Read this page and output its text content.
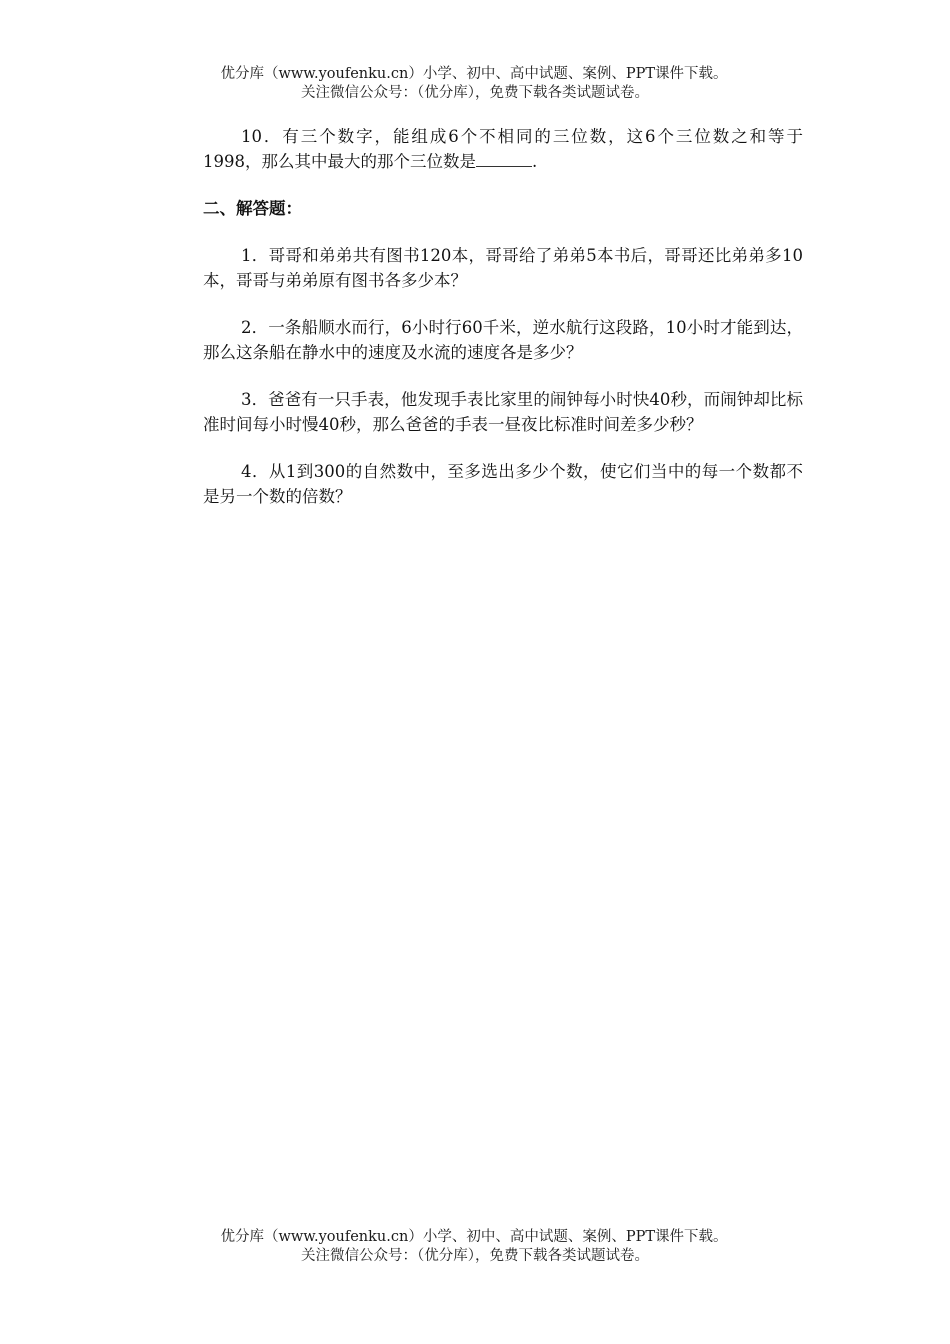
优分库（www.youfenku.cn）小学、初中、高中试题、案例、PPT课件下载。
关注微信公众号：（优分库），免费下载各类试题试卷。

10．有三个数字，能组成6个不相同的三位数，这6个三位数之和等于1998，那么其中最大的那个三位数是	.

二、解答题：

1．哥哥和弟弟共有图书120本，哥哥给了弟弟5本书后，哥哥还比弟弟多10本，哥哥与弟弟原有图书各多少本？

2．一条船顺水而行，6小时行60千米，逆水航行这段路，10小时才能到达，那么这条船在静水中的速度及水流的速度各是多少？

3．爸爸有一只手表，他发现手表比家里的闹钟每小时快40秒，而闹钟却比标准时间每小时慢40秒，那么爸爸的手表一昼夜比标准时间差多少秒？

4．从1到300的自然数中，至多选出多少个数，使它们当中的每一个数都不是另一个数的倍数？

优分库（www.youfenku.cn）小学、初中、高中试题、案例、PPT课件下载。
关注微信公众号：（优分库），免费下载各类试题试卷。
